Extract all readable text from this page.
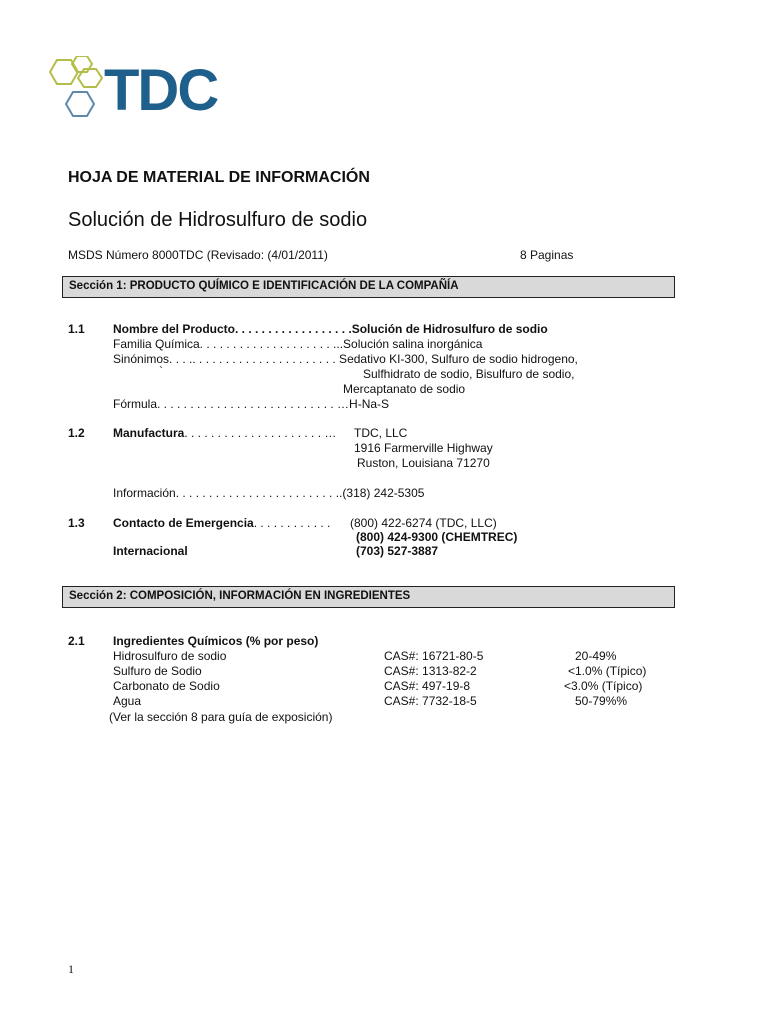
TDC
HOJA DE MATERIAL DE INFORMACIÓN
Solución de Hidrosulfuro de sodio
MSDS Número 8000TDC (Revisado: (4/01/2011)	8 Paginas
Sección 1: PRODUCTO QUÍMICO E IDENTIFICACIÓN DE LA COMPAÑÍA
1.1 Nombre del Producto. . . . . . . . . . . . . . . . . .Solución de Hidrosulfuro de sodio
Familia Química. . . . . . . . . . . . . . . . . . . . ...Solución salina inorgánica
Sinónimos. . . .. . . . . . . . . . . . . . . . . . . . . . Sedativo KI-300, Sulfuro de sodio hidrogeno,
`	Sulfhidrato de sodio, Bisulfuro de sodio,
Mercaptanato de sodio
Fórmula. . . . . . . . . . . . . . . . . . . . . . . . . . . …H-Na-S
1.2 Manufactura. . . . . . . . . . . . . . . . . . . . . … TDC, LLC
1916 Farmerville Highway
Ruston, Louisiana 71270
Información. . . . . . . . . . . . . . . . . . . . . . . . ..(318) 242-5305
1.3 Contacto de Emergencia. . . . . . . . . . . . (800) 422-6274 (TDC, LLC)
(800) 424-9300 (CHEMTREC)
Internacional	(703) 527-3887
Sección 2: COMPOSICIÓN, INFORMACIÓN EN INGREDIENTES
2.1 Ingredientes Químicos (% por peso)
Hidrosulfuro de sodio	CAS#: 16721-80-5	20-49%
Sulfuro de Sodio	CAS#: 1313-82-2	<1.0% (Típico)
Carbonato de Sodio	CAS#: 497-19-8	<3.0% (Típico)
Agua	CAS#: 7732-18-5	50-79%%
(Ver la sección 8 para guía de exposición)
1
